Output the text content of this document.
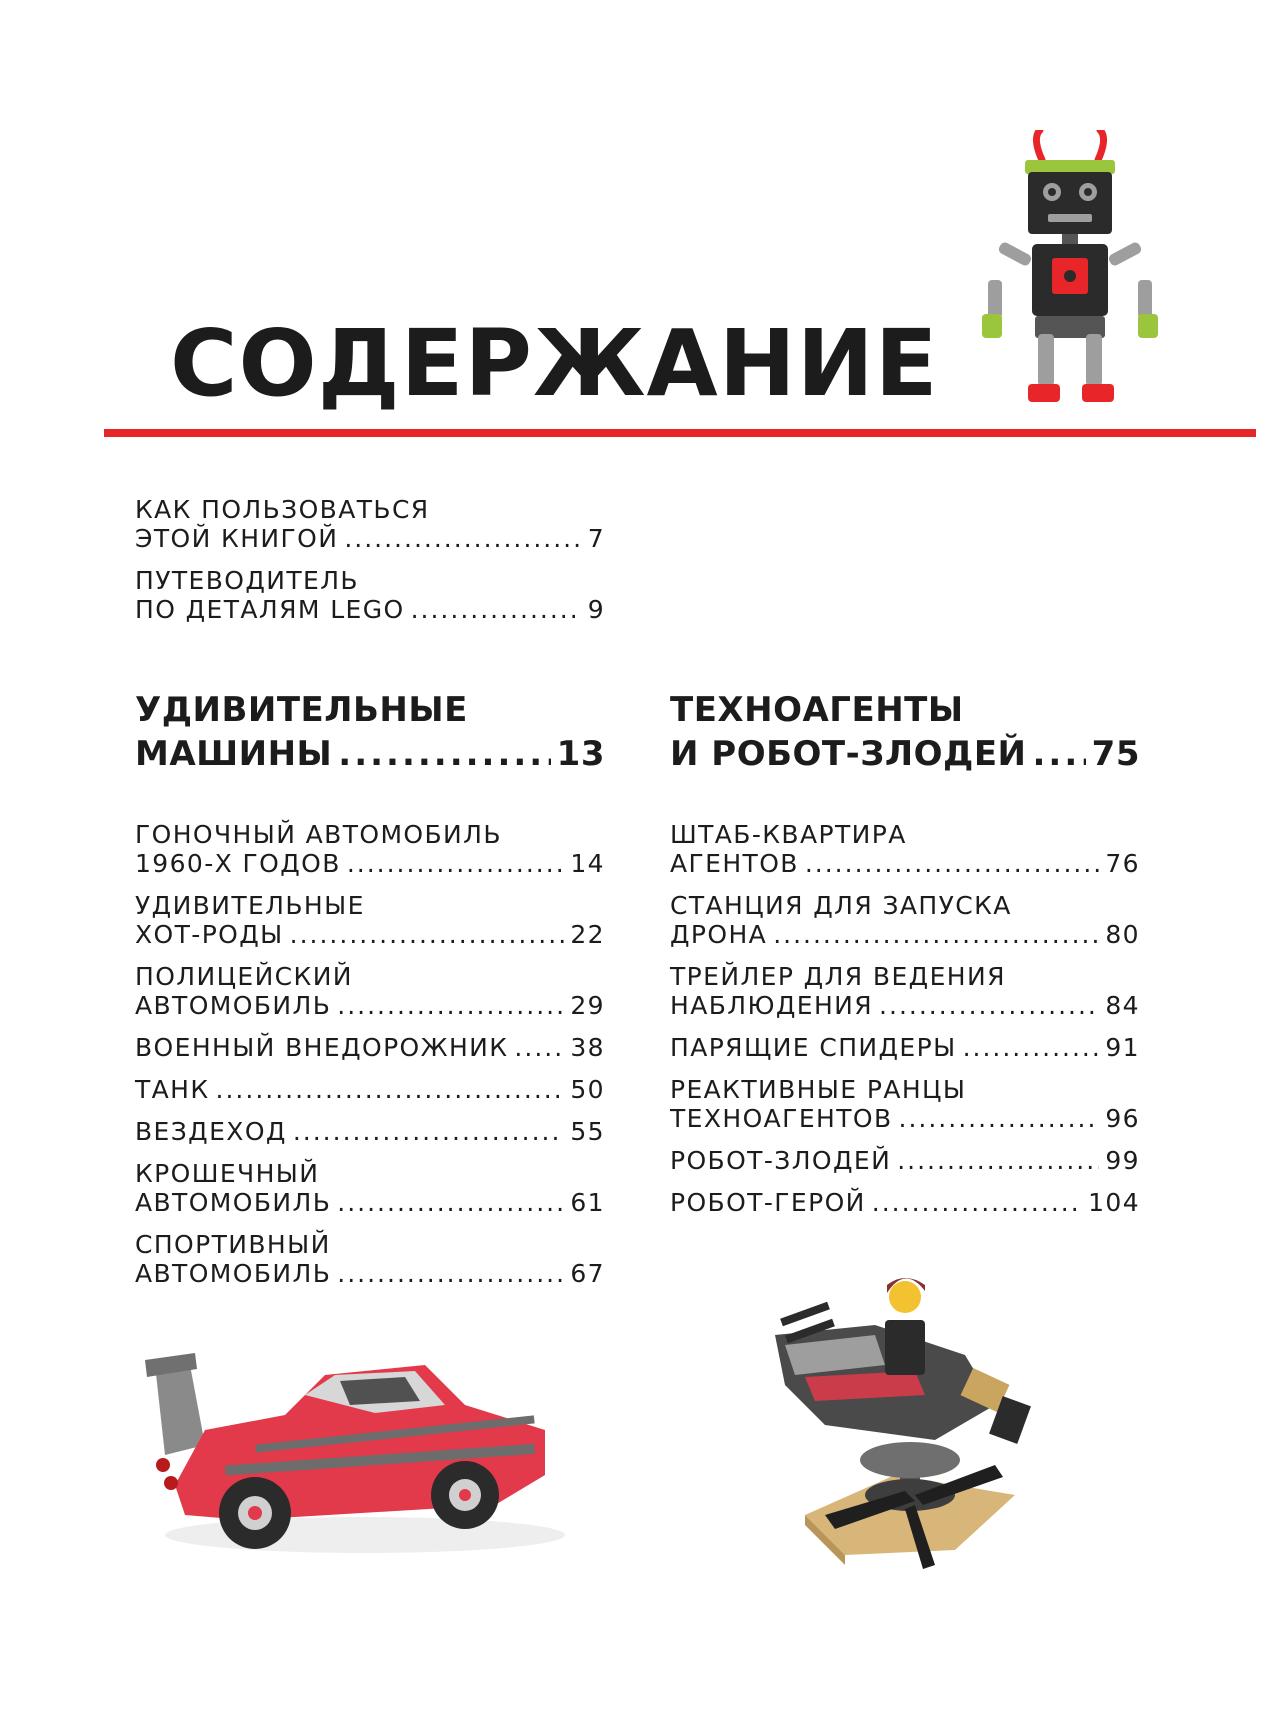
СОДЕРЖАНИЕ
КАК ПОЛЬЗОВАТЬСЯ
ЭТОЙ КНИГОЙ .....	7
ПУТЕВОДИТЕЛЬ
ПО ДЕТАЛЯМ LEGO .....	9
УДИВИТЕЛЬНЫЕ
МАШИНЫ .....	13
ГОНОЧНЫЙ АВТОМОБИЛЬ
1960-Х ГОДОВ .....	14
УДИВИТЕЛЬНЫЕ
ХОТ-РОДЫ .....	22
ПОЛИЦЕЙСКИЙ
АВТОМОБИЛЬ .....	29
ВОЕННЫЙ ВНЕДОРОЖНИК ..... 38
ТАНК .....	50
ВЕЗДЕХОД .....	55
КРОШЕЧНЫЙ
АВТОМОБИЛЬ .....	61
СПОРТИВНЫЙ
АВТОМОБИЛЬ .....	67
ТЕХНОАГЕНТЫ
И РОБОТ-ЗЛОДЕЙ ..... 75
ШТАБ-КВАРТИРА
АГЕНТОВ .....	76
СТАНЦИЯ ДЛЯ ЗАПУСКА
ДРОНА .....	80
ТРЕЙЛЕР ДЛЯ ВЕДЕНИЯ
НАБЛЮДЕНИЯ .....	84
ПАРЯЩИЕ СПИДЕРЫ .....	91
РЕАКТИВНЫЕ РАНЦЫ
ТЕХНОАГЕНТОВ .....	96
РОБОТ-ЗЛОДЕЙ .....	99
РОБОТ-ГЕРОЙ .....	104
